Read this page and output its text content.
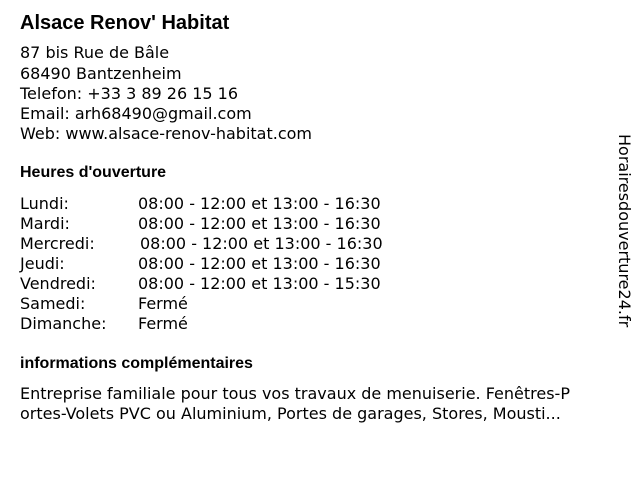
Alsace Renov' Habitat
87 bis Rue de Bâle
68490 Bantzenheim
Telefon: +33 3 89 26 15 16
Email: arh68490@gmail.com
Web: www.alsace-renov-habitat.com
Heures d'ouverture
Lundi:	08:00 - 12:00 et 13:00 - 16:30
Mardi:	08:00 - 12:00 et 13:00 - 16:30
Mercredi:	08:00 - 12:00 et 13:00 - 16:30
Jeudi:	08:00 - 12:00 et 13:00 - 16:30
Vendredi:	08:00 - 12:00 et 13:00 - 15:30
Samedi:	Fermé
Dimanche: Fermé
informations complémentaires
Entreprise familiale pour tous vos travaux de menuiserie. Fenêtres-P
ortes-Volets PVC ou Aluminium, Portes de garages, Stores, Mousti...
Horairesdouverture24.fr
